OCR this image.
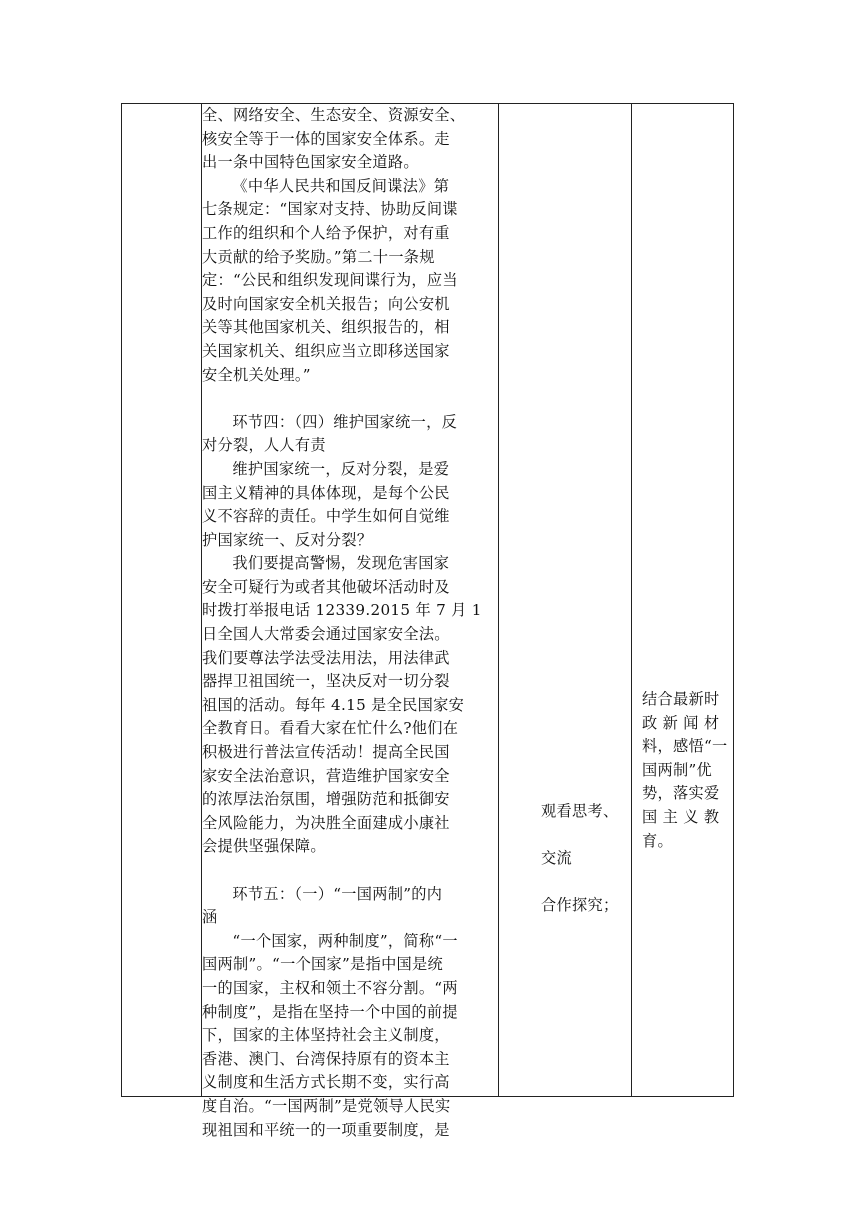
全、网络安全、生态安全、资源安全、

核安全等于一体的国家安全体系。走

出一条中国特色国家安全道路。

《中华人民共和国反间谍法》第

七条规定：“国家对支持、协助反间谍

工作的组织和个人给予保护，对有重

大贡献的给予奖励。”第二十一条规

定：“公民和组织发现间谍行为，应当

及时向国家安全机关报告；向公安机

关等其他国家机关、组织报告的，相

关国家机关、组织应当立即移送国家

安全机关处理。”

环节四：（四）维护国家统一，反

对分裂，人人有责

维护国家统一，反对分裂，是爱

国主义精神的具体体现，是每个公民

义不容辞的责任。中学生如何自觉维

护国家统一、反对分裂？

我们要提高警惕，发现危害国家

安全可疑行为或者其他破坏活动时及

时拨打举报电话 12339.2015 年 7 月 1

日全国人大常委会通过国家安全法。

我们要尊法学法受法用法，用法律武

器捍卫祖国统一，坚决反对一切分裂

祖国的活动。每年 4.15 是全民国家安

全教育日。看看大家在忙什么?他们在

积极进行普法宣传活动！提高全民国

家安全法治意识，营造维护国家安全

的浓厚法治氛围，增强防范和抵御安

全风险能力，为决胜全面建成小康社

会提供坚强保障。

环节五：（一）“一国两制”的内

涵

“一个国家，两种制度”，简称“一

国两制”。“一个国家”是指中国是统

一的国家，主权和领土不容分割。“两

种制度”，是指在坚持一个中国的前提

下，国家的主体坚持社会主义制度，

香港、澳门、台湾保持原有的资本主

义制度和生活方式长期不变，实行高

度自治。“一国两制”是党领导人民实

现祖国和平统一的一项重要制度，是

观看思考、

交流

合作探究；

结合最新时

政 新 闻 材

料，感悟“一

国两制”优

势，落实爱

国 主 义 教

育。
